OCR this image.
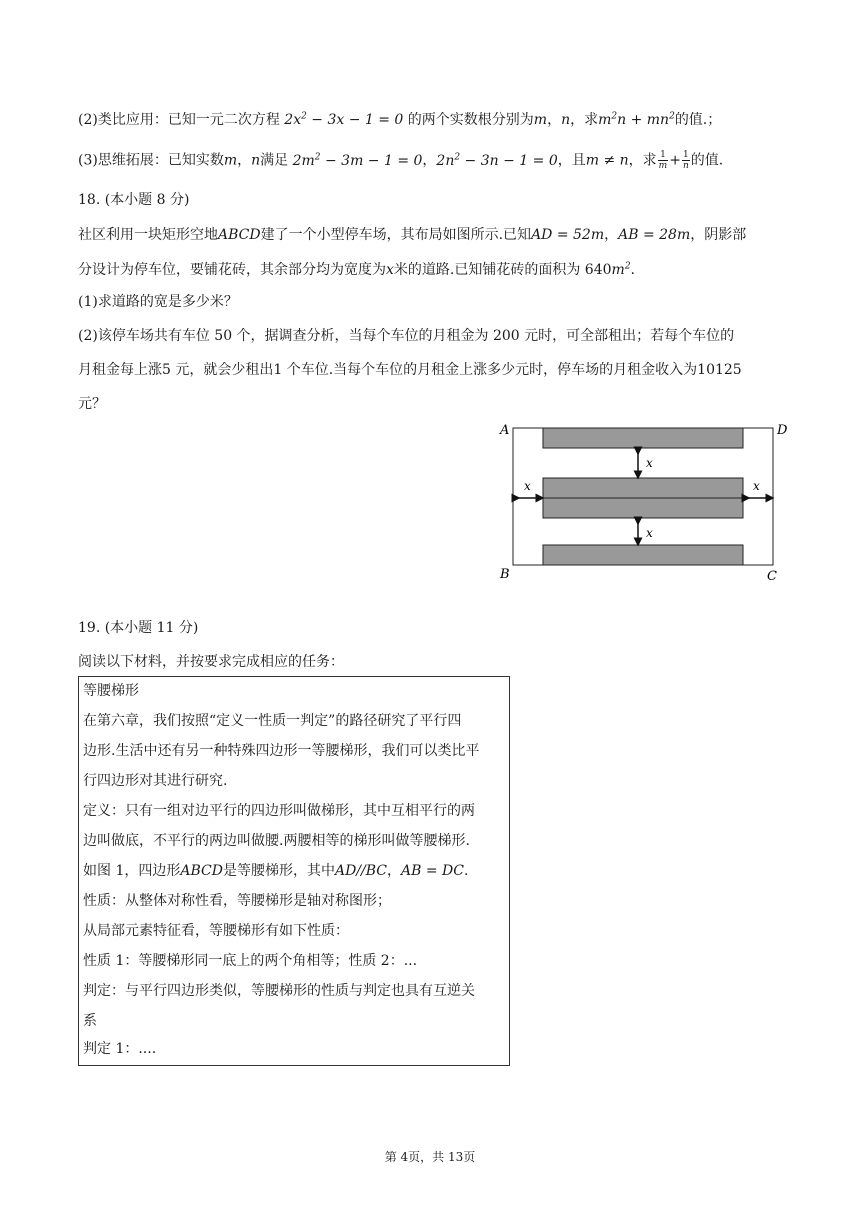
(2)类比应用：已知一元二次方程 $2x^2 - 3x - 1 = 0$ 的两个实数根分别为m，n，求$m^2n + mn^2$的值.；
(3)思维拓展：已知实数m，n满足 $2m^2 - 3m - 1 = 0$，$2n^2 - 3n - 1 = 0$，且m ≠ n，求 $\frac{1}{m} + \frac{1}{n}$ 的值.
18. (本小题 8 分)
社区利用一块矩形空地ABCD建了一个小型停车场，其布局如图所示.已知AD = 52m，AB = 28m，阴影部
分设计为停车位，要铺花砖，其余部分均为宽度为x米的道路.已知铺花砖的面积为 $640m^2$.
(1)求道路的宽是多少米？
(2)该停车场共有车位 50 个，据调查分析，当每个车位的月租金为 200 元时，可全部租出；若每个车位的
月租金每上涨5 元，就会少租出1 个车位.当每个车位的月租金上涨多少元时，停车场的月租金收入为10125
元？
A	D
B	C
x
x
x	x
19. (本小题 11 分)
阅读以下材料，并按要求完成相应的任务：
等腰梯形
在第六章，我们按照“定义一性质一判定”的路径研究了平行四
边形.生活中还有另一种特殊四边形一等腰梯形，我们可以类比平
行四边形对其进行研究.
定义：只有一组对边平行的四边形叫做梯形，其中互相平行的两
边叫做底，不平行的两边叫做腰.两腰相等的梯形叫做等腰梯形.
如图 1，四边形ABCD是等腰梯形，其中AD//BC，AB = DC.
性质：从整体对称性看，等腰梯形是轴对称图形；
从局部元素特征看，等腰梯形有如下性质：
性质 1：等腰梯形同一底上的两个角相等；性质 2：...
判定：与平行四边形类似，等腰梯形的性质与判定也具有互逆关
系
判定 1：....
第 4页，共 13页
